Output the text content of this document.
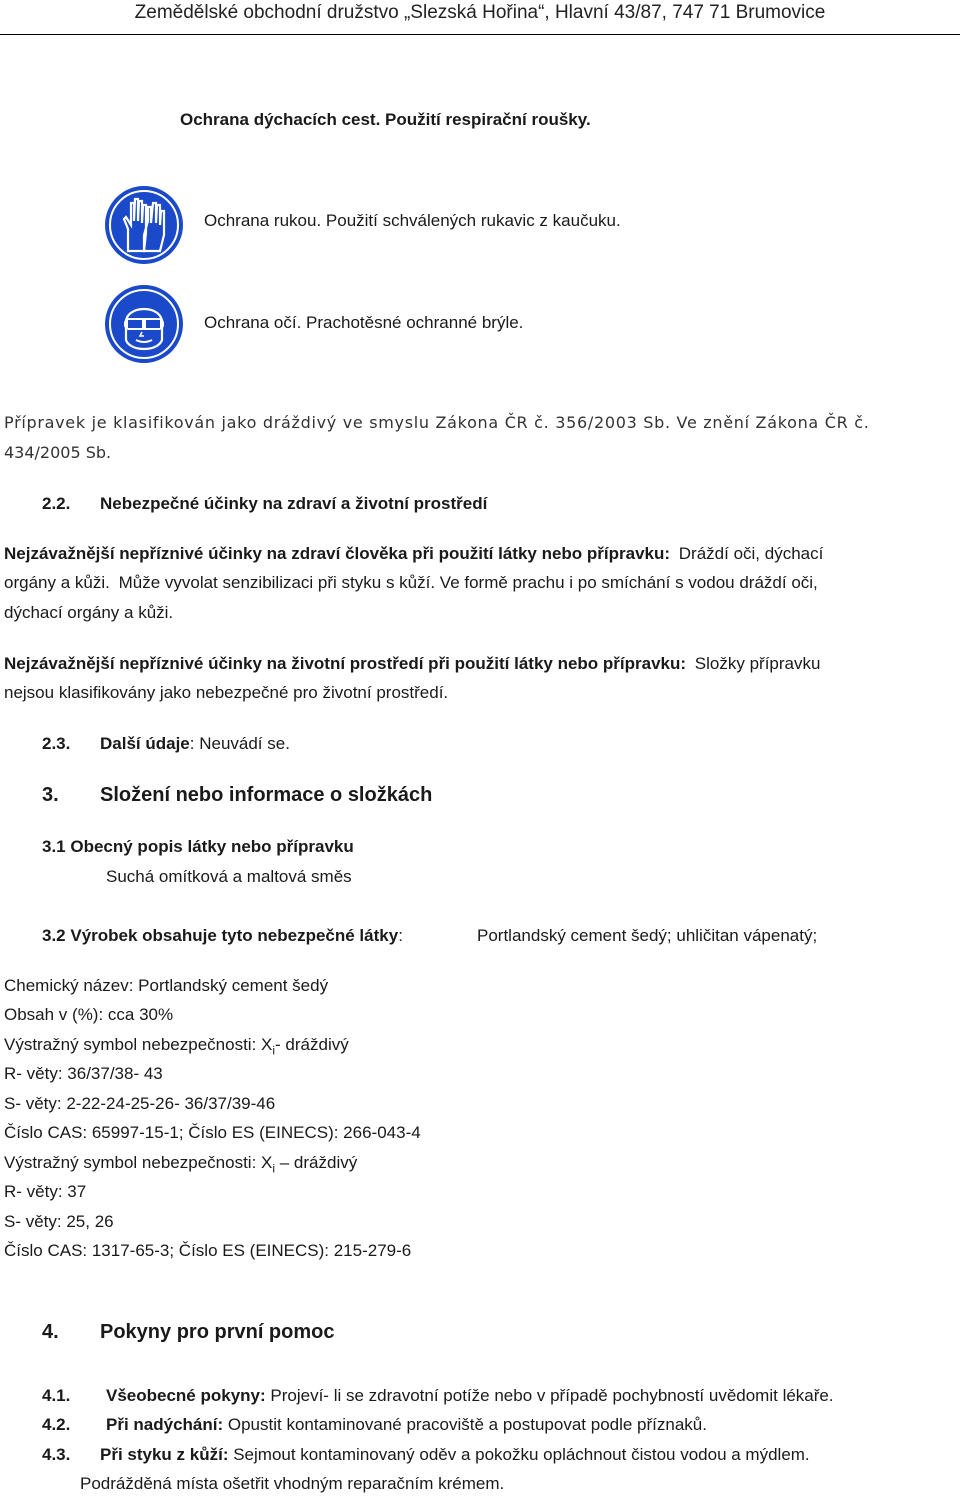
Zemědělské obchodní družstvo „Slezská Hořina“, Hlavní 43/87, 747 71 Brumovice
Ochrana dýchacích cest. Použití respirační roušky.
Ochrana rukou. Použití schválených rukavic z kaučuku.
Ochrana očí. Prachotěsné ochranné brýle.
Přípravek je klasifikován jako dráždivý ve smyslu Zákona ČR č. 356/2003 Sb. Ve znění Zákona ČR č.
434/2005 Sb.
2.2. Nebezpečné účinky na zdraví a životní prostředí
Nejzávažnější nepříznivé účinky na zdraví člověka při použití látky nebo přípravku: Dráždí oči, dýchací
orgány a kůži. Může vyvolat senzibilizaci při styku s kůží. Ve formě prachu i po smíchání s vodou dráždí oči,
dýchací orgány a kůži.
Nejzávažnější nepříznivé účinky na životní prostředí při použití látky nebo přípravku: Složky přípravku
nejsou klasifikovány jako nebezpečné pro životní prostředí.
2.3. Další údaje: Neuvádí se.
3. Složení nebo informace o složkách
3.1 Obecný popis látky nebo přípravku
Suchá omítková a maltová směs
3.2 Výrobek obsahuje tyto nebezpečné látky:	Portlandský cement šedý; uhličitan vápenatý;
Chemický název: Portlandský cement šedý
Obsah v (%): cca 30%
Výstražný symbol nebezpečnosti: $X_i-$ dráždivý
R- věty: 36/37/38- 43
S- věty: 2-22-24-25-26- 36/37/39-46
Číslo CAS: 65997-15-1; Číslo ES (EINECS): 266-043-4
Výstražný symbol nebezpečnosti: $X_i$ – dráždivý
R- věty: 37
S- věty: 25, 26
Číslo CAS: 1317-65-3; Číslo ES (EINECS): 215-279-6
4. Pokyny pro první pomoc
4.1. Všeobecné pokyny: Projeví- li se zdravotní potíže nebo v případě pochybností uvědomit lékaře.
4.2. Při nadýchání: Opustit kontaminované pracoviště a postupovat podle příznaků.
4.3. Při styku z kůží: Sejmout kontaminovaný oděv a pokožku opláchnout čistou vodou a mýdlem.
Podrážděná místa ošetřit vhodným reparačním krémem.
